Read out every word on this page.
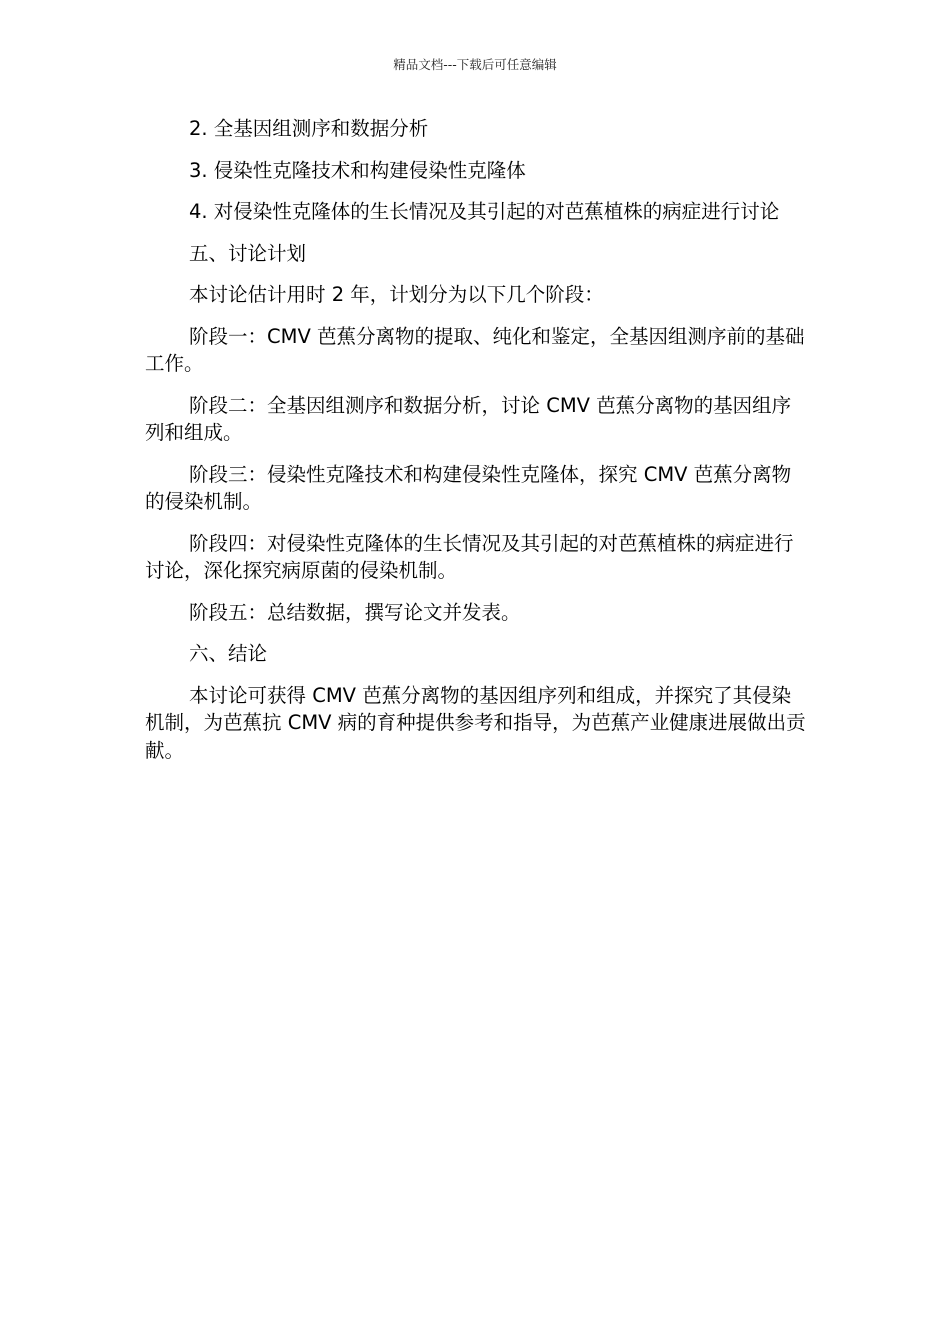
精品文档---下载后可任意编辑

2. 全基因组测序和数据分析

3. 侵染性克隆技术和构建侵染性克隆体

4. 对侵染性克隆体的生长情况及其引起的对芭蕉植株的病症进行讨论

五、讨论计划

本讨论估计用时 2 年，计划分为以下几个阶段：

阶段一：CMV 芭蕉分离物的提取、纯化和鉴定，全基因组测序前的基础工作。

阶段二：全基因组测序和数据分析，讨论 CMV 芭蕉分离物的基因组序列和组成。

阶段三：侵染性克隆技术和构建侵染性克隆体，探究 CMV 芭蕉分离物的侵染机制。

阶段四：对侵染性克隆体的生长情况及其引起的对芭蕉植株的病症进行讨论，深化探究病原菌的侵染机制。

阶段五：总结数据，撰写论文并发表。

六、结论

本讨论可获得 CMV 芭蕉分离物的基因组序列和组成，并探究了其侵染机制，为芭蕉抗 CMV 病的育种提供参考和指导，为芭蕉产业健康进展做出贡献。
